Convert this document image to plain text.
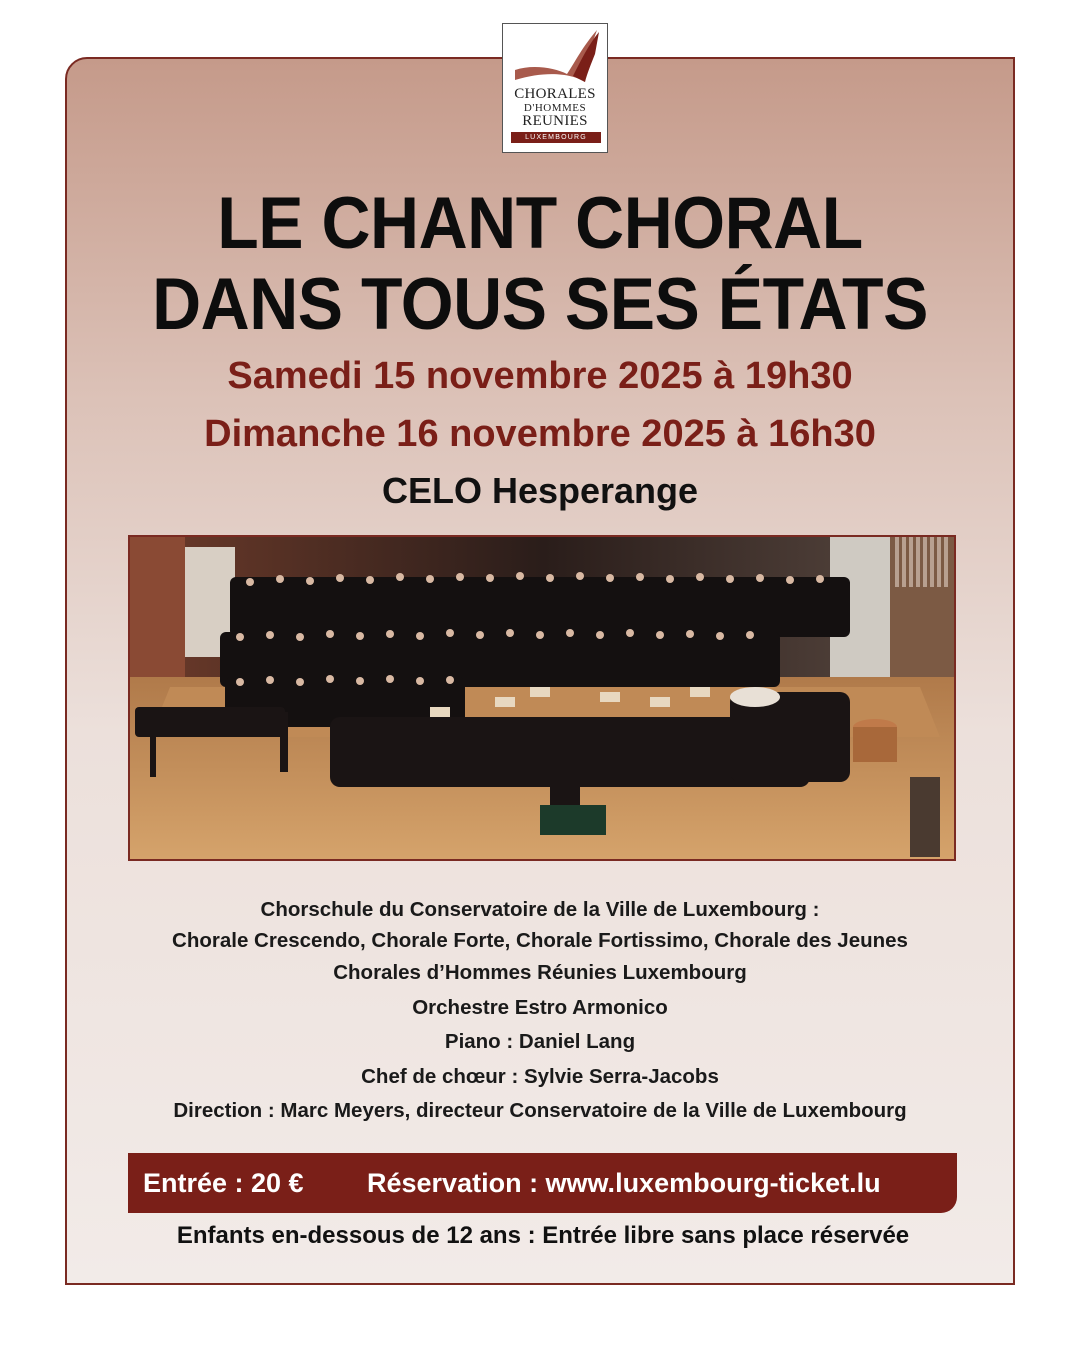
CHORALES
D'HOMMES
REUNIES
LUXEMBOURG
LE CHANT CHORAL
DANS TOUS SES ÉTATS
Samedi 15 novembre 2025 à 19h30
Dimanche 16 novembre 2025 à 16h30
CELO Hesperange
Chorschule du Conservatoire de la Ville de Luxembourg :
Chorale Crescendo, Chorale Forte, Chorale Fortissimo, Chorale des Jeunes
Chorales d’Hommes Réunies Luxembourg
Orchestre Estro Armonico
Piano : Daniel Lang
Chef de chœur : Sylvie Serra-Jacobs
Direction : Marc Meyers, directeur Conservatoire de la Ville de Luxembourg
Entrée : 20 € Réservation : www.luxembourg-ticket.lu
Enfants en-dessous de 12 ans : Entrée libre sans place réservée
